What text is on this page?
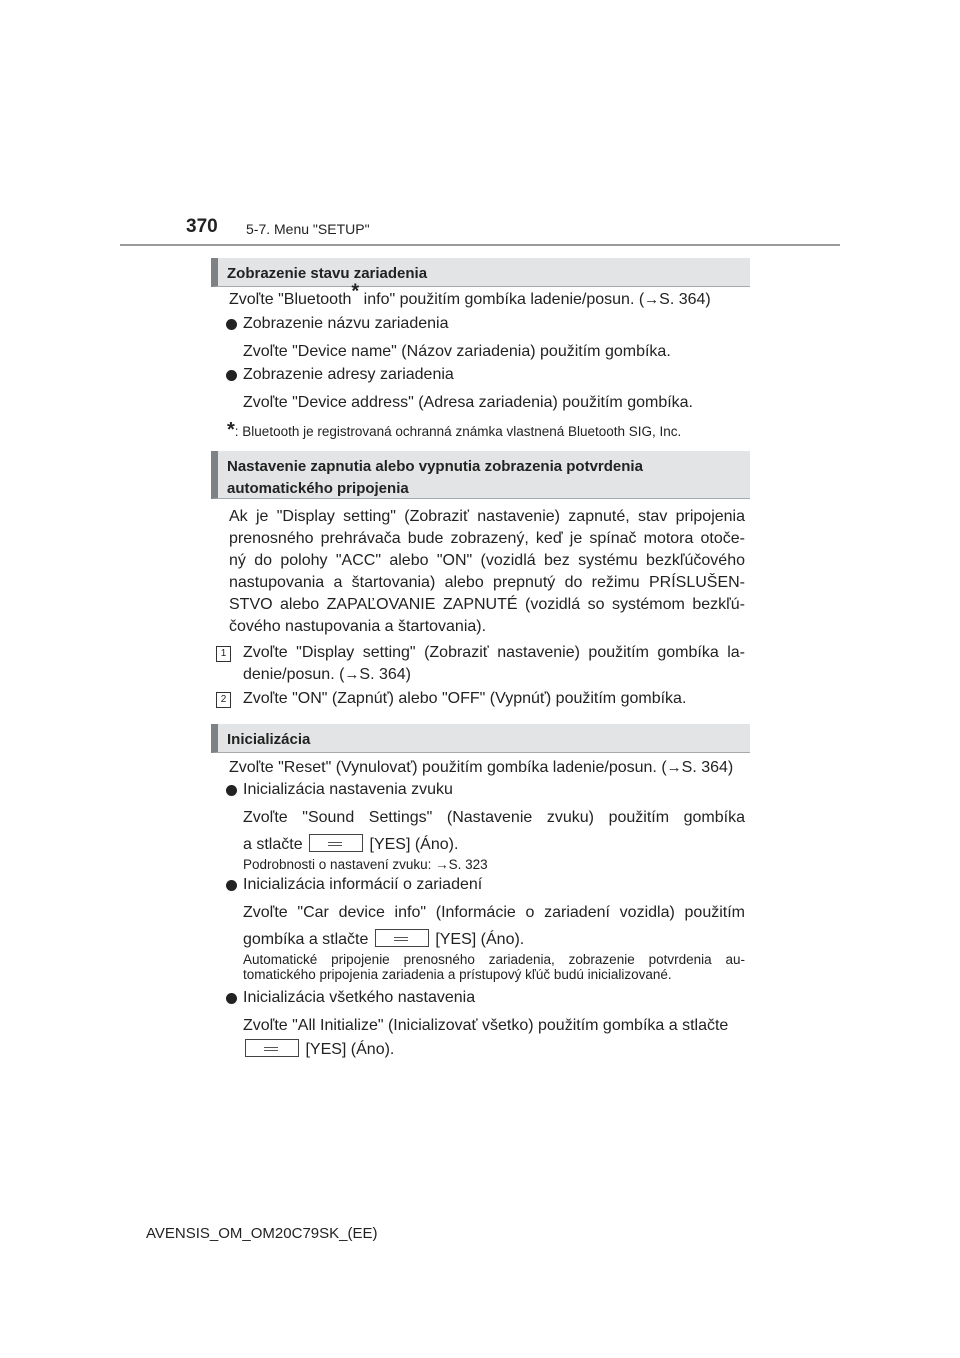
370 5-7. Menu "SETUP"
Zobrazenie stavu zariadenia
Zvoľte "Bluetooth* info" použitím gombíka ladenie/posun. (→S. 364)
Zobrazenie názvu zariadenia
Zvoľte "Device name" (Názov zariadenia) použitím gombíka.
Zobrazenie adresy zariadenia
Zvoľte "Device address" (Adresa zariadenia) použitím gombíka.
*: Bluetooth je registrovaná ochranná známka vlastnená Bluetooth SIG, Inc.
Nastavenie zapnutia alebo vypnutia zobrazenia potvrdenia
automatického pripojenia
Ak je "Display setting" (Zobraziť nastavenie) zapnuté, stav pripojenia
prenosného prehrávača bude zobrazený, keď je spínač motora otoče-
ný do polohy "ACC" alebo "ON" (vozidlá bez systému bezkľúčového
nastupovania a štartovania) alebo prepnutý do režimu PRÍSLUŠEN-
STVO alebo ZAPAĽOVANIE ZAPNUTÉ (vozidlá so systémom bezkľú-
čového nastupovania a štartovania).
1 Zvoľte "Display setting" (Zobraziť nastavenie) použitím gombíka la-
denie/posun. (→S. 364)
2 Zvoľte "ON" (Zapnúť) alebo "OFF" (Vypnúť) použitím gombíka.
Inicializácia
Zvoľte "Reset" (Vynulovať) použitím gombíka ladenie/posun. (→S. 364)
Inicializácia nastavenia zvuku
Zvoľte "Sound Settings" (Nastavenie zvuku) použitím gombíka
a stlačte	[YES] (Áno).
Podrobnosti o nastavení zvuku: →S. 323
Inicializácia informácií o zariadení
Zvoľte "Car device info" (Informácie o zariadení vozidla) použitím
gombíka a stlačte	[YES] (Áno).
Automatické pripojenie prenosného zariadenia, zobrazenie potvrdenia au-
tomatického pripojenia zariadenia a prístupový kľúč budú inicializované.
Inicializácia všetkého nastavenia
Zvoľte "All Initialize" (Inicializovať všetko) použitím gombíka a stlačte
[YES] (Áno).
AVENSIS_OM_OM20C79SK_(EE)
